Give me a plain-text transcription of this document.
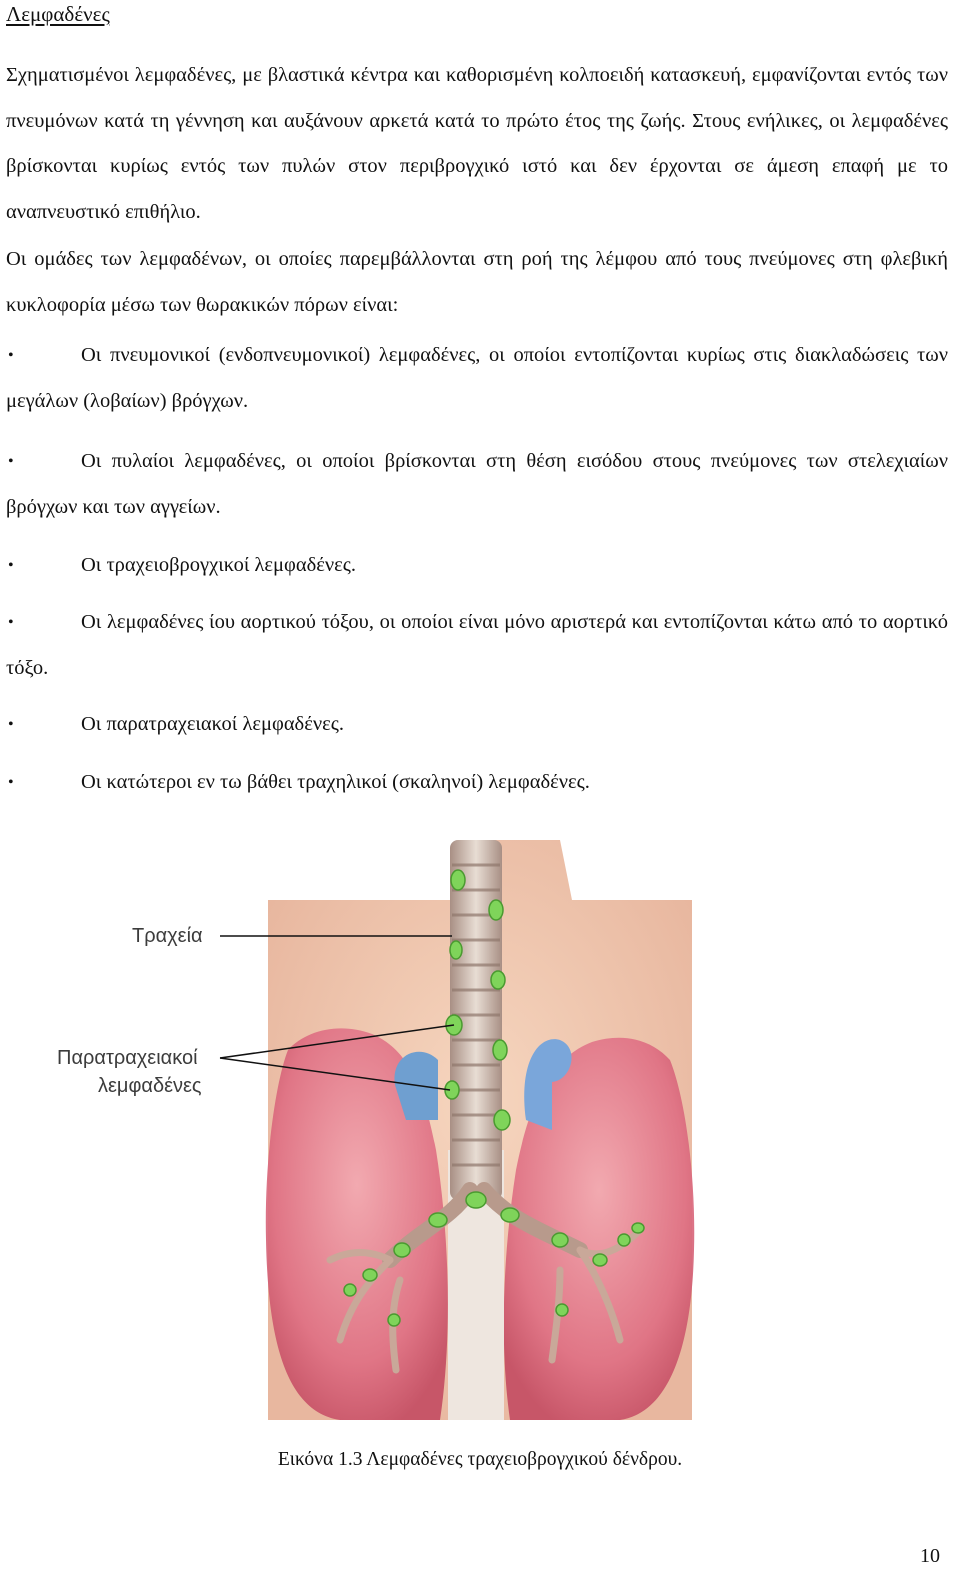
Λεμφαδένες

Σχηματισμένοι λεμφαδένες, με βλαστικά κέντρα και καθορισμένη κολποειδή κατασκευή, εμφανίζονται εντός των πνευμόνων κατά τη γέννηση και αυξάνουν αρκετά κατά το πρώτο έτος της ζωής. Στους ενήλικες, οι λεμφαδένες βρίσκονται κυρίως εντός των πυλών στον περιβρογχικό ιστό και δεν έρχονται σε άμεση επαφή με το αναπνευστικό επιθήλιο.

Οι ομάδες των λεμφαδένων, οι οποίες παρεμβάλλονται στη ροή της λέμφου από τους πνεύμονες στη φλεβική κυκλοφορία μέσω των θωρακικών πόρων είναι:

•	Οι πνευμονικοί (ενδοπνευμονικοί) λεμφαδένες, οι οποίοι εντοπίζονται κυρίως στις διακλαδώσεις των μεγάλων (λοβαίων) βρόγχων.
•	Οι πυλαίοι λεμφαδένες, οι οποίοι βρίσκονται στη θέση εισόδου στους πνεύμονες των στελεχιαίων βρόγχων και των αγγείων.
•	Οι τραχειοβρογχικοί λεμφαδένες.
•	Οι λεμφαδένες ίου αορτικού τόξου, οι οποίοι είναι μόνο αριστερά και εντοπίζονται κάτω από το αορτικό τόξο.
•	Οι παρατραχειακοί λεμφαδένες.
•	Οι κατώτεροι εν τω βάθει τραχηλικοί (σκαληνοί) λεμφαδένες.
Τραχεία
Παρατραχειακοί
λεμφαδένες
Εικόνα 1.3 Λεμφαδένες τραχειοβρογχικού δένδρου.
10
